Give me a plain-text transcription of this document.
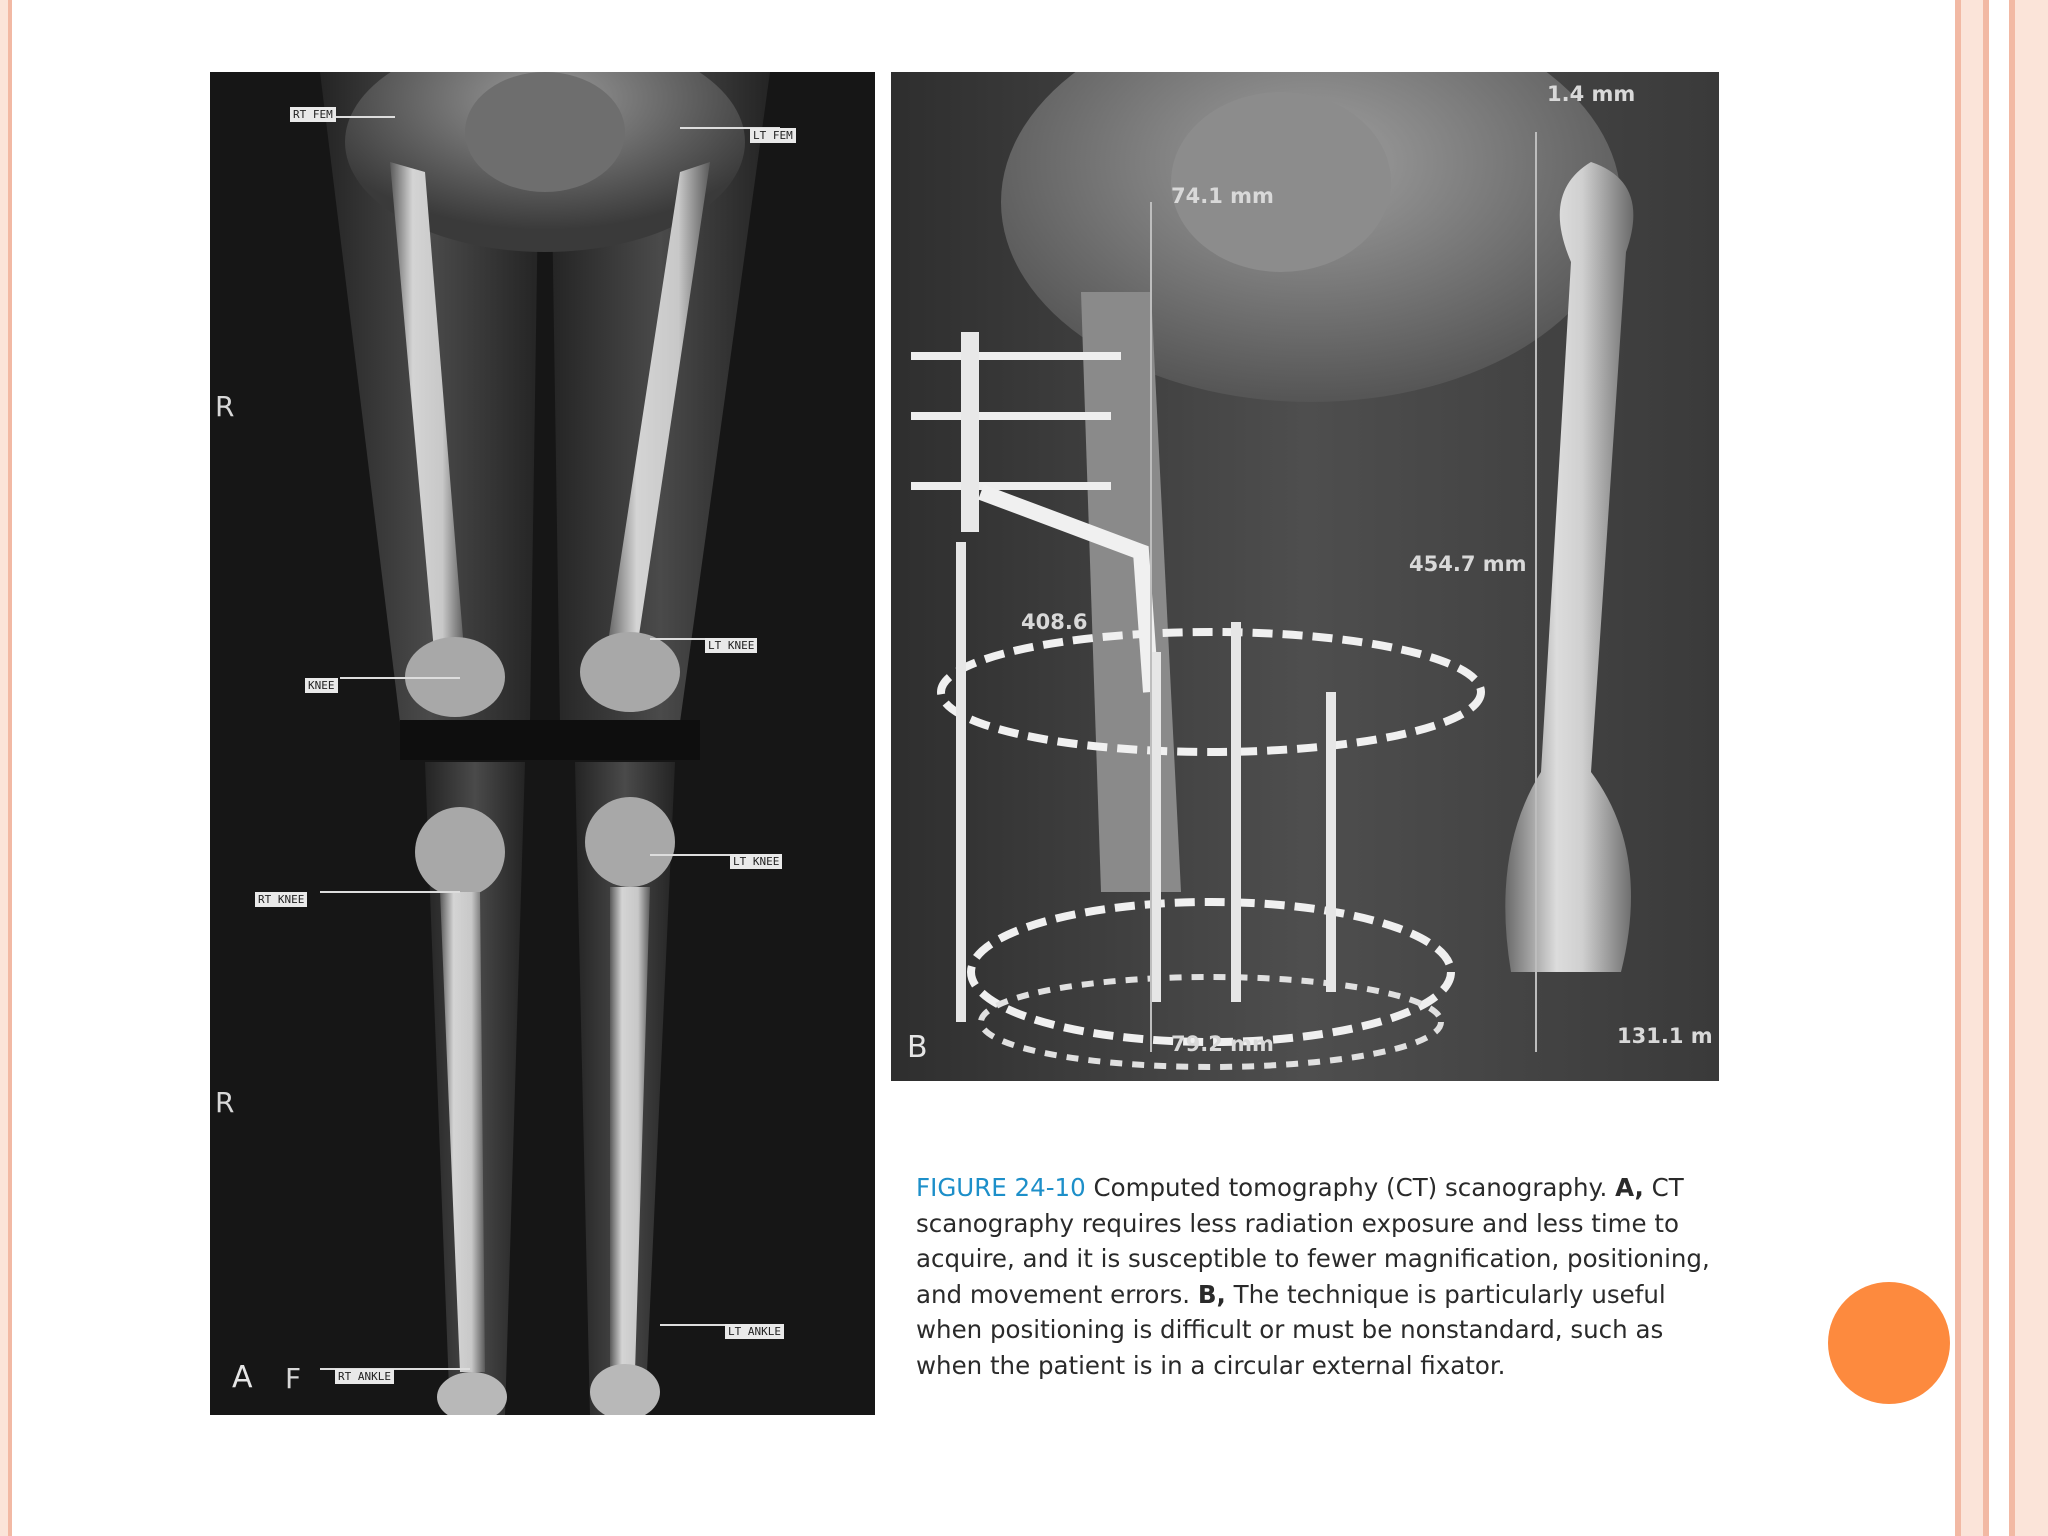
RT FEM
LT FEM
LT KNEE
KNEE
LT KNEE
RT KNEE
LT ANKLE
RT ANKLE
R
R
F
A
1.4 mm
74.1 mm
408.6
454.7 mm
79.2 mm	131.1 m
B
FIGURE 24-10 Computed tomography (CT) scanography. A, CT scanography requires less radiation exposure and less time to acquire, and it is susceptible to fewer magnification, positioning, and movement errors. B, The technique is particularly useful when positioning is difficult or must be nonstandard, such as when the patient is in a circular external fixator.
